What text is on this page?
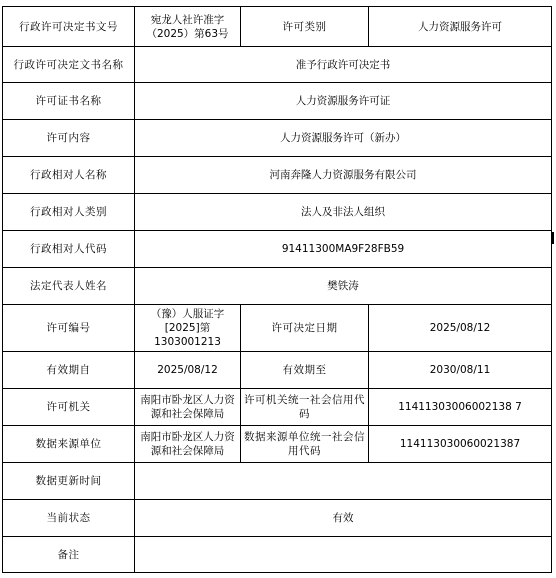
行政许可决定书文号	宛龙人社许准字（2025）第63号	许可类别	人力资源服务许可
行政许可决定文书名称	准予行政许可决定书		
许可证书名称	人力资源服务许可证		
许可内容	人力资源服务许可（新办）		
行政相对人名称	河南奔隆人力资源服务有限公司		
行政相对人类别	法人及非法人组织		
行政相对人代码	91411300MA9F28FB59		
法定代表人姓名	樊铁涛		
许可编号	（豫）人服证字[2025]第1303001213	许可决定日期	2025/08/12
有效期自	2025/08/12	有效期至	2030/08/11
许可机关	南阳市卧龙区人力资源和社会保障局	许可机关统一社会信用代码	11411303006002138 7
数据来源单位	南阳市卧龙区人力资源和社会保障局	数据来源单位统一社会信用代码	114113030060021387
数据更新时间			
当前状态	有效		
备注			
